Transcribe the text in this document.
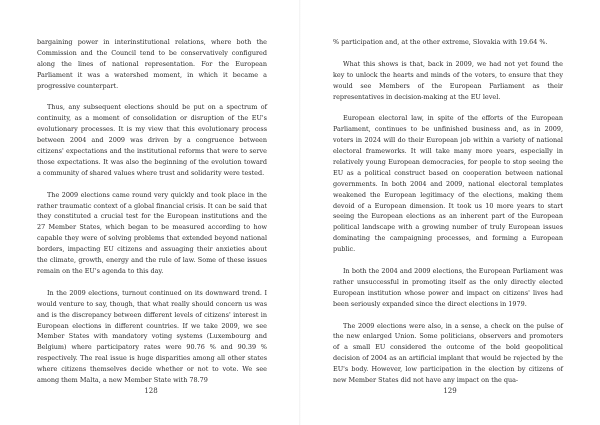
bargaining power in interinstitutional relations, where both the Commission and the Council tend to be conservatively configured along the lines of national representation. For the European Parliament it was a watershed moment, in which it became a progressive counterpart.

Thus, any subsequent elections should be put on a spectrum of continuity, as a moment of consolidation or disruption of the EU's evolutionary processes. It is my view that this evolutionary process between 2004 and 2009 was driven by a congruence between citizens' expectations and the institutional reforms that were to serve those expectations. It was also the beginning of the evolution toward a community of shared values where trust and solidarity were tested.

The 2009 elections came round very quickly and took place in the rather traumatic context of a global financial crisis. It can be said that they constituted a crucial test for the European institutions and the 27 Member States, which began to be measured according to how capable they were of solving problems that extended beyond national borders, impacting EU citizens and assuaging their anxieties about the climate, growth, energy and the rule of law. Some of these issues remain on the EU's agenda to this day.

In the 2009 elections, turnout continued on its downward trend. I would venture to say, though, that what really should concern us was and is the discrepancy between different levels of citizens' interest in European elections in different countries. If we take 2009, we see Member States with mandatory voting systems (Luxembourg and Belgium) where participatory rates were 90.76 % and 90.39 % respectively. The real issue is huge disparities among all other states where citizens themselves decide whether or not to vote. We see among them Malta, a new Member State with 78.79

128

% participation and, at the other extreme, Slovakia with 19.64 %.

What this shows is that, back in 2009, we had not yet found the key to unlock the hearts and minds of the voters, to ensure that they would see Members of the European Parliament as their representatives in decision-making at the EU level.

European electoral law, in spite of the efforts of the European Parliament, continues to be unfinished business and, as in 2009, voters in 2024 will do their European job within a variety of national electoral frameworks. It will take many more years, especially in relatively young European democracies, for people to stop seeing the EU as a political construct based on cooperation between national governments. In both 2004 and 2009, national electoral templates weakened the European legitimacy of the elections, making them devoid of a European dimension. It took us 10 more years to start seeing the European elections as an inherent part of the European political landscape with a growing number of truly European issues dominating the campaigning processes, and forming a European public.

In both the 2004 and 2009 elections, the European Parliament was rather unsuccessful in promoting itself as the only directly elected European institution whose power and impact on citizens' lives had been seriously expanded since the direct elections in 1979.

The 2009 elections were also, in a sense, a check on the pulse of the new enlarged Union. Some politicians, observers and promoters of a small EU considered the outcome of the bold geopolitical decision of 2004 as an artificial implant that would be rejected by the EU's body. However, low participation in the election by citizens of new Member States did not have any impact on the qua-

129
